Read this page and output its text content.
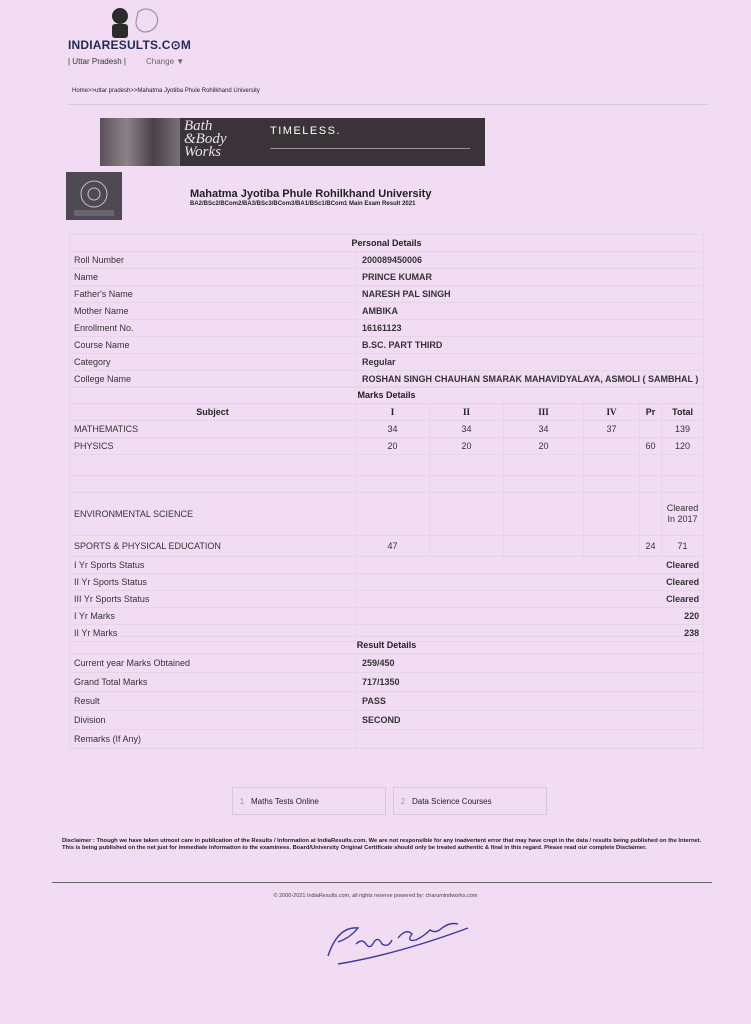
INDIARESULTS.C⊙M
| Uttar Pradesh |	Change ▼
Home>>uttar pradesh>>Mahatma Jyotiba Phule Rohilkhand University
Bath
&Body
Works
TIMELESS.
Mahatma Jyotiba Phule Rohilkhand University
BA2/BSc2/BCom2/BA3/BSc3/BCom3/BA1/BSc1/BCom1 Main Exam Result 2021
Personal Details	
Roll Number	200089450006
Name	PRINCE KUMAR
Father's Name	NARESH PAL SINGH
Mother Name	AMBIKA
Enrollment No.	16161123
Course Name	B.SC. PART THIRD
Category	Regular
College Name	ROSHAN SINGH CHAUHAN SMARAK MAHAVIDYALAYA, ASMOLI ( SAMBHAL )
Marks Details						
Subject	I	II	III	IV	Pr	Total
MATHEMATICS	34	34	34	37		139
PHYSICS	20	20	20		60	120

ENVIRONMENTAL SCIENCE						Cleared In 2017
SPORTS & PHYSICAL EDUCATION	47				24	71
I Yr Sports Status	Cleared					
II Yr Sports Status	Cleared					
III Yr Sports Status	Cleared					
I Yr Marks	220					
II Yr Marks	238					
Result Details	
Current year Marks Obtained	259/450
Grand Total Marks	717/1350
Result	PASS
Division	SECOND
Remarks (If Any)	
1 Maths Tests Online	2 Data Science Courses
Disclaimer : Though we have taken utmost care in publication of the Results / Information at IndiaResults.com. We are not responsible for any inadvertent error that may have crept in the data / results being published on the Internet. This is being published on the net just for immediate information to the examinees. Board/University Original Certificate should only be treated authentic & final in this regard. Please read our complete Disclaimer.
© 2000-2021 IndiaResults.com, all rights reserve powered by: charumindworks.com
